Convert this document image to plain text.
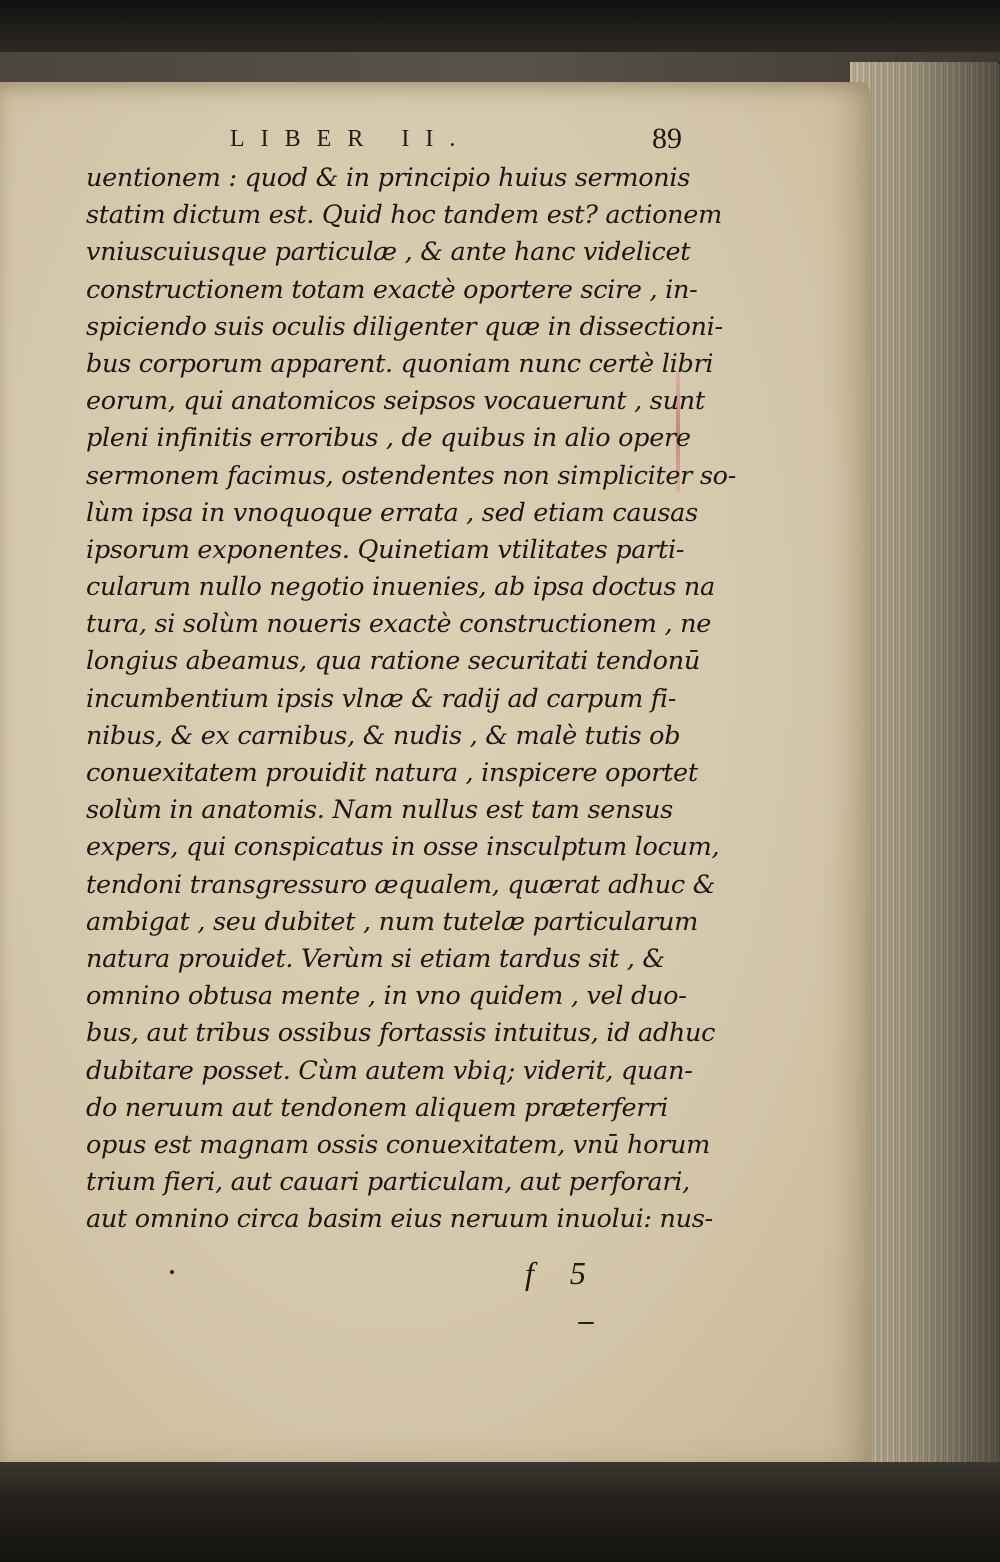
LIBER II.	89
uentionem : quod & in principio huius sermonis
statim dictum est. Quid hoc tandem est? actionem
vniuscuiusque particulæ , & ante hanc videlicet
constructionem totam exactè oportere scire , in-
spiciendo suis oculis diligenter quæ in dissectioni-
bus corporum apparent. quoniam nunc certè libri
eorum, qui anatomicos seipsos vocauerunt , sunt
pleni infinitis erroribus , de quibus in alio opere
sermonem facimus, ostendentes non simpliciter so-
lùm ipsa in vnoquoque errata , sed etiam causas
ipsorum exponentes. Quinetiam vtilitates parti-
cularum nullo negotio inuenies, ab ipsa doctus na
tura, si solùm noueris exactè constructionem , ne
longius abeamus, qua ratione securitati tendonū
incumbentium ipsis vlnæ & radij ad carpum fi-
nibus, & ex carnibus, & nudis , & malè tutis ob
conuexitatem prouidit natura , inspicere oportet
solùm in anatomis. Nam nullus est tam sensus
expers, qui conspicatus in osse insculptum locum,
tendoni transgressuro æqualem, quærat adhuc &
ambigat , seu dubitet , num tutelæ particularum
natura prouidet. Verùm si etiam tardus sit , &
omnino obtusa mente , in vno quidem , vel duo-
bus, aut tribus ossibus fortassis intuitus, id adhuc
dubitare posset. Cùm autem vbiq; viderit, quan-
do neruum aut tendonem aliquem præterferri
opus est magnam ossis conuexitatem, vnū horum
trium fieri, aut cauari particulam, aut perforari,
aut omnino circa basim eius neruum inuolui: nus-
f 5
